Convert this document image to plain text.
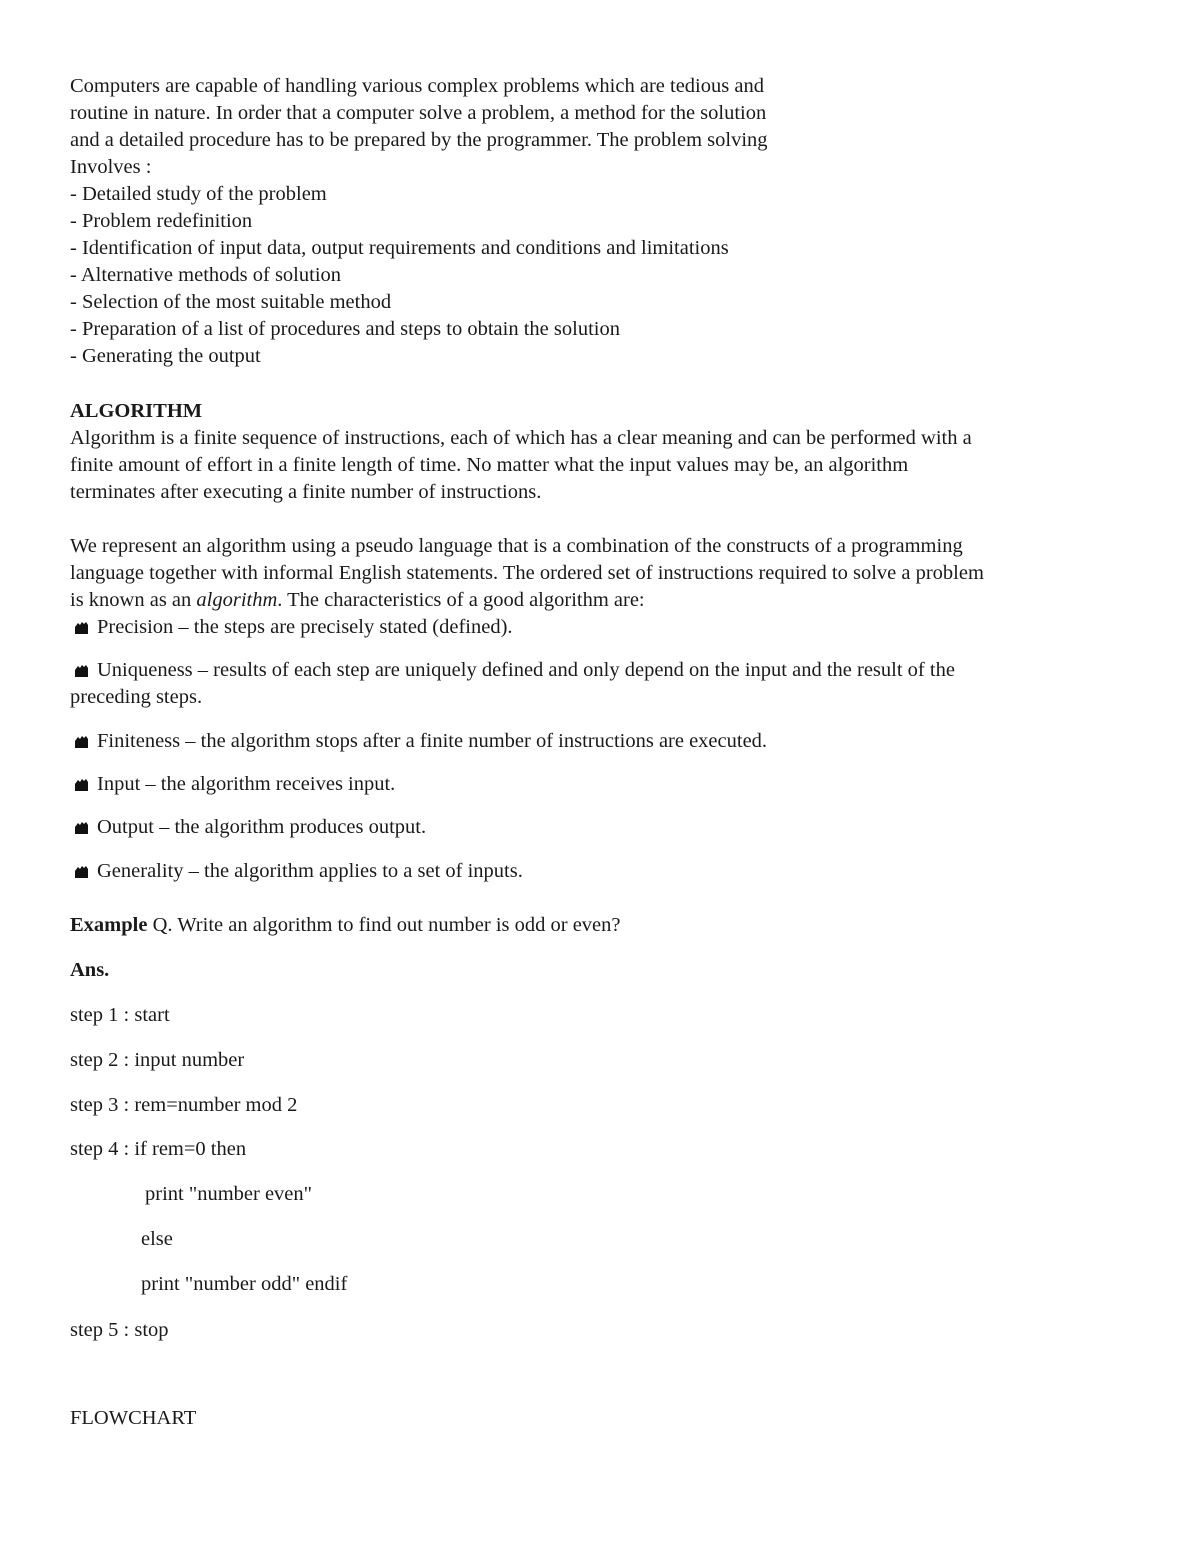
Computers are capable of handling various complex problems which are tedious and
routine in nature. In order that a computer solve a problem, a method for the solution
and a detailed procedure has to be prepared by the programmer. The problem solving
Involves :
- Detailed study of the problem
- Problem redefinition
- Identification of input data, output requirements and conditions and limitations
- Alternative methods of solution
- Selection of the most suitable method
- Preparation of a list of procedures and steps to obtain the solution
- Generating the output
ALGORITHM
Algorithm is a finite sequence of instructions, each of which has a clear meaning and can be performed with a
finite amount of effort in a finite length of time. No matter what the input values may be, an algorithm
terminates after executing a finite number of instructions.
We represent an algorithm using a pseudo language that is a combination of the constructs of a programming
language together with informal English statements. The ordered set of instructions required to solve a problem
is known as an algorithm. The characteristics of a good algorithm are:
Precision – the steps are precisely stated (defined).
Uniqueness – results of each step are uniquely defined and only depend on the input and the result of the
preceding steps.
Finiteness – the algorithm stops after a finite number of instructions are executed.
Input – the algorithm receives input.
Output – the algorithm produces output.
Generality – the algorithm applies to a set of inputs.
Example Q. Write an algorithm to find out number is odd or even?
Ans.
step 1 : start
step 2 : input number
step 3 : rem=number mod 2
step 4 : if rem=0 then
print "number even"
else
print "number odd" endif
step 5 : stop
FLOWCHART
